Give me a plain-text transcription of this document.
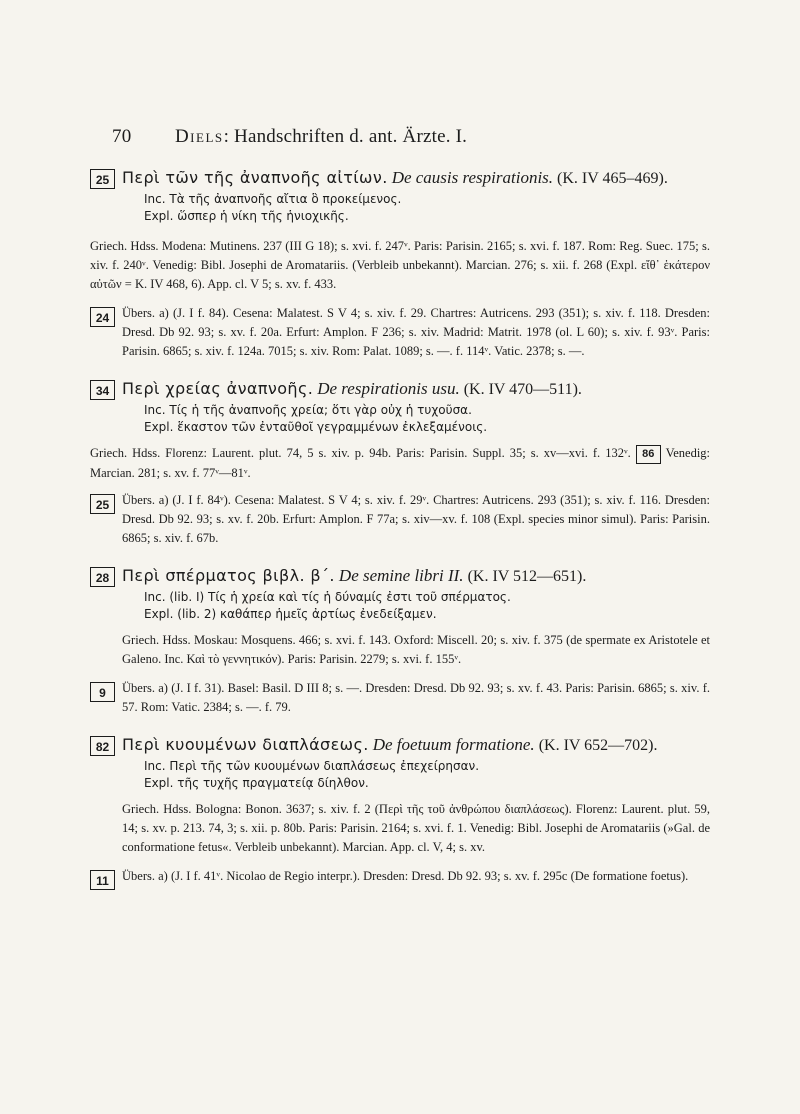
70 Diels: Handschriften d. ant. Ärzte. I.
25 Περὶ τῶν τῆς ἀναπνοῆς αἰτίων. De causis respirationis. (K. IV 465–469).
Inc. Τὰ τῆς ἀναπνοῆς αἴτια ὃ προκείμενος.
Expl. ὥσπερ ἡ νίκη τῆς ἡνιοχικῆς.
Griech. Hdss. Modena: Mutinens. 237 (III G 18); s. xvi. f. 247ᵛ. Paris: Parisin. 2165; s. xvi. f. 187. Rom: Reg. Suec. 175; s. xiv. f. 240ᵛ. Venedig: Bibl. Josephi de Aromatariis. (Verbleib unbekannt). Marcian. 276; s. xii. f. 268 (Expl. εἴθ᾽ ἑκάτερον αὐτῶν = K. IV 468, 6). App. cl. V 5; s. xv. f. 433.
24	Übers. a) (J. I f. 84). Cesena: Malatest. S V 4; s. xiv. f. 29. Chartres: Autricens. 293 (351); s. xiv. f. 118. Dresden: Dresd. Db 92. 93; s. xv. f. 20a. Erfurt: Amplon. F 236; s. xiv. Madrid: Matrit. 1978 (ol. L 60); s. xiv. f. 93ᵛ. Paris: Parisin. 6865; s. xiv. f. 124a. 7015; s. xiv. Rom: Palat. 1089; s. —. f. 114ᵛ. Vatic. 2378; s. —.
34 Περὶ χρείας ἀναπνοῆς. De respirationis usu. (K. IV 470—511).
Inc. Τίς ἡ τῆς ἀναπνοῆς χρεία; ὅτι γὰρ οὐχ ἡ τυχοῦσα.
Expl. ἕκαστον τῶν ἐνταῦθοῖ γεγραμμένων ἐκλεξαμένοις.
Griech. Hdss. Florenz: Laurent. plut. 74, 5 s. xiv. p. 94b. Paris: Parisin. Suppl. 35; s. xv—xvi. f. 132ᵛ. 86 Venedig: Marcian. 281; s. xv. f. 77ᵛ—81ᵛ.
25	Übers. a) (J. I f. 84ᵛ). Cesena: Malatest. S V 4; s. xiv. f. 29ᵛ. Chartres: Autricens. 293 (351); s. xiv. f. 116. Dresden: Dresd. Db 92. 93; s. xv. f. 20b. Erfurt: Amplon. F 77a; s. xiv—xv. f. 108 (Expl. species minor simul). Paris: Parisin. 6865; s. xiv. f. 67b.
28 Περὶ σπέρματος βιβλ. β΄. De semine libri II. (K. IV 512—651).
Inc. (lib. I) Τίς ἡ χρεία καὶ τίς ἡ δύναμίς ἐστι τοῦ σπέρματος.
Expl. (lib. 2) καθάπερ ἡμεῖς ἀρτίως ἐνεδείξαμεν.
Griech. Hdss. Moskau: Mosquens. 466; s. xvi. f. 143. Oxford: Miscell. 20; s. xiv. f. 375 (de spermate ex Aristotele et Galeno. Inc. Καὶ τὸ γεννητικόν). Paris: Parisin. 2279; s. xvi. f. 155ᵛ.
9	Übers. a) (J. I f. 31). Basel: Basil. D III 8; s. —. Dresden: Dresd. Db 92. 93; s. xv. f. 43. Paris: Parisin. 6865; s. xiv. f. 57. Rom: Vatic. 2384; s. —. f. 79.
82 Περὶ κυουμένων διαπλάσεως. De foetuum formatione. (K. IV 652—702).
Inc. Περὶ τῆς τῶν κυουμένων διαπλάσεως ἐπεχείρησαν.
Expl. τῆς τυχῆς πραγματείᾳ δίηλθον.
Griech. Hdss. Bologna: Bonon. 3637; s. xiv. f. 2 (Περὶ τῆς τοῦ ἀνθρώπου διαπλάσεως). Florenz: Laurent. plut. 59, 14; s. xv. p. 213. 74, 3; s. xii. p. 80b. Paris: Parisin. 2164; s. xvi. f. 1. Venedig: Bibl. Josephi de Aromatariis (»Gal. de conformatione fetus«. Verbleib unbekannt). Marcian. App. cl. V, 4; s. xv.
11	Übers. a) (J. I f. 41ᵛ. Nicolao de Regio interpr.). Dresden: Dresd. Db 92. 93; s. xv. f. 295c (De formatione foetus).
